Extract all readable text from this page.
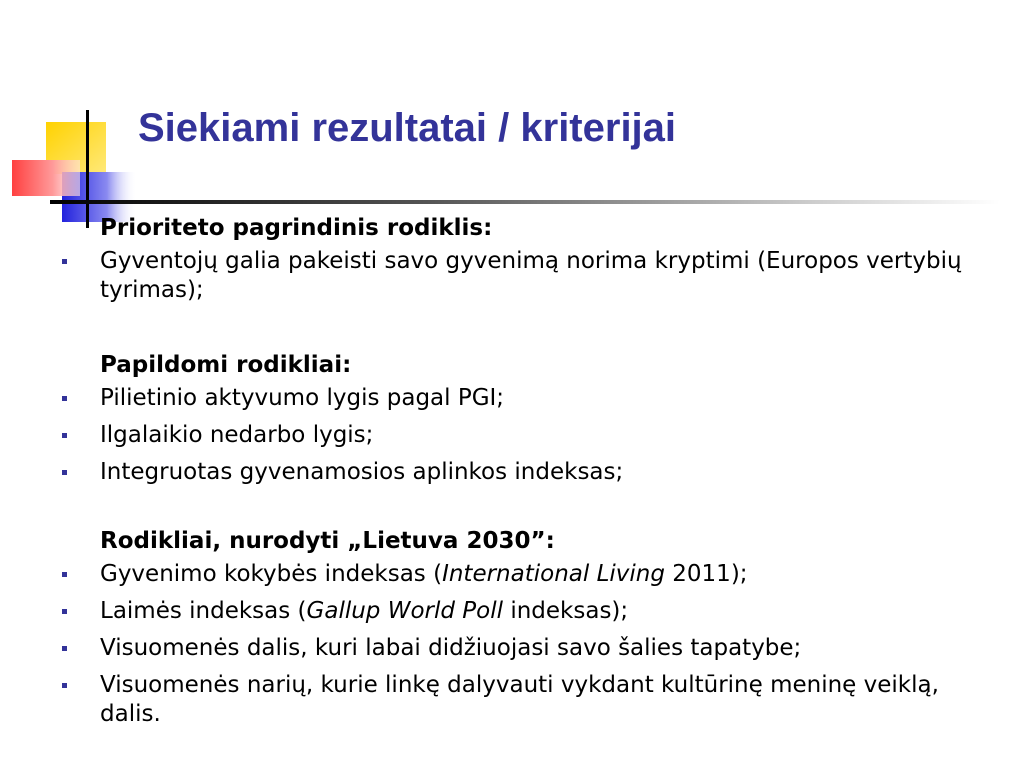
Siekiami rezultatai / kriterijai
Prioriteto pagrindinis rodiklis:
Gyventojų galia pakeisti savo gyvenimą norima kryptimi (Europos vertybių tyrimas);
Papildomi rodikliai:
Pilietinio aktyvumo lygis pagal PGI;
Ilgalaikio nedarbo lygis;
Integruotas gyvenamosios aplinkos indeksas;
Rodikliai, nurodyti „Lietuva 2030”:
Gyvenimo kokybės indeksas (International Living 2011);
Laimės indeksas (Gallup World Poll indeksas);
Visuomenės dalis, kuri labai didžiuojasi savo šalies tapatybe;
Visuomenės narių, kurie linkę dalyvauti vykdant kultūrinę meninę veiklą, dalis.
